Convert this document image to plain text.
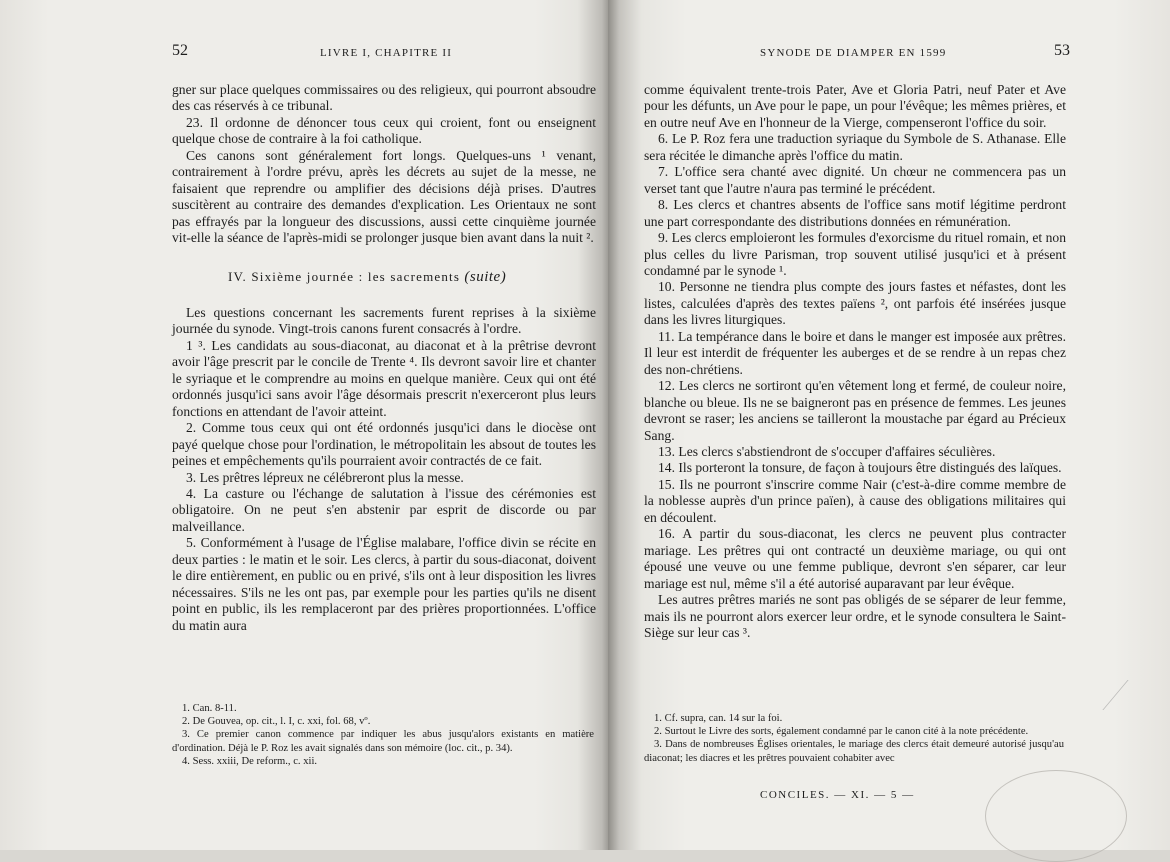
52	LIVRE I, CHAPITRE II

gner sur place quelques commissaires ou des religieux, qui pourront absoudre des cas réservés à ce tribunal.

23. Il ordonne de dénoncer tous ceux qui croient, font ou enseignent quelque chose de contraire à la foi catholique.

Ces canons sont généralement fort longs. Quelques-uns ¹ venant, contrairement à l'ordre prévu, après les décrets au sujet de la messe, ne faisaient que reprendre ou amplifier des décisions déjà prises. D'autres suscitèrent au contraire des demandes d'explication. Les Orientaux ne sont pas effrayés par la longueur des discussions, aussi cette cinquième journée vit-elle la séance de l'après-midi se prolonger jusque bien avant dans la nuit ².

IV. Sixième journée : les sacrements (suite)

Les questions concernant les sacrements furent reprises à la sixième journée du synode. Vingt-trois canons furent consacrés à l'ordre.

1 ³. Les candidats au sous-diaconat, au diaconat et à la prêtrise devront avoir l'âge prescrit par le concile de Trente ⁴. Ils devront savoir lire et chanter le syriaque et le comprendre au moins en quelque manière. Ceux qui ont été ordonnés jusqu'ici sans avoir l'âge désormais prescrit n'exerceront plus leurs fonctions en attendant de l'avoir atteint.

2. Comme tous ceux qui ont été ordonnés jusqu'ici dans le diocèse ont payé quelque chose pour l'ordination, le métropolitain les absout de toutes les peines et empêchements qu'ils pourraient avoir contractés de ce fait.

3. Les prêtres lépreux ne célébreront plus la messe.

4. La casture ou l'échange de salutation à l'issue des cérémonies est obligatoire. On ne peut s'en abstenir par esprit de discorde ou par malveillance.

5. Conformément à l'usage de l'Église malabare, l'office divin se récite en deux parties : le matin et le soir. Les clercs, à partir du sous-diaconat, doivent le dire entièrement, en public ou en privé, s'ils ont à leur disposition les livres nécessaires. S'ils ne les ont pas, par exemple pour les parties qu'ils ne disent point en public, ils les remplaceront par des prières proportionnées. L'office du matin aura

1. Can. 8-11.

2. De Gouvea, op. cit., l. I, c. xxi, fol. 68, vº.

3. Ce premier canon commence par indiquer les abus jusqu'alors existants en matière d'ordination. Déjà le P. Roz les avait signalés dans son mémoire (loc. cit., p. 34).

4. Sess. xxiii, De reform., c. xii.

SYNODE DE DIAMPER EN 1599	53

comme équivalent trente-trois Pater, Ave et Gloria Patri, neuf Pater et Ave pour les défunts, un Ave pour le pape, un pour l'évêque; les mêmes prières, et en outre neuf Ave en l'honneur de la Vierge, compenseront l'office du soir.

6. Le P. Roz fera une traduction syriaque du Symbole de S. Athanase. Elle sera récitée le dimanche après l'office du matin.

7. L'office sera chanté avec dignité. Un chœur ne commencera pas un verset tant que l'autre n'aura pas terminé le précédent.

8. Les clercs et chantres absents de l'office sans motif légitime perdront une part correspondante des distributions données en rémunération.

9. Les clercs emploieront les formules d'exorcisme du rituel romain, et non plus celles du livre Parisman, trop souvent utilisé jusqu'ici et à présent condamné par le synode ¹.

10. Personne ne tiendra plus compte des jours fastes et néfastes, dont les listes, calculées d'après des textes païens ², ont parfois été insérées jusque dans les livres liturgiques.

11. La tempérance dans le boire et dans le manger est imposée aux prêtres. Il leur est interdit de fréquenter les auberges et de se rendre à un repas chez des non-chrétiens.

12. Les clercs ne sortiront qu'en vêtement long et fermé, de couleur noire, blanche ou bleue. Ils ne se baigneront pas en présence de femmes. Les jeunes devront se raser; les anciens se tailleront la moustache par égard au Précieux Sang.

13. Les clercs s'abstiendront de s'occuper d'affaires séculières.

14. Ils porteront la tonsure, de façon à toujours être distingués des laïques.

15. Ils ne pourront s'inscrire comme Nair (c'est-à-dire comme membre de la noblesse auprès d'un prince païen), à cause des obligations militaires qui en découlent.

16. A partir du sous-diaconat, les clercs ne peuvent plus contracter mariage. Les prêtres qui ont contracté un deuxième mariage, ou qui ont épousé une veuve ou une femme publique, devront s'en séparer, car leur mariage est nul, même s'il a été autorisé auparavant par leur évêque.

Les autres prêtres mariés ne sont pas obligés de se séparer de leur femme, mais ils ne pourront alors exercer leur ordre, et le synode consultera le Saint-Siège sur leur cas ³.

1. Cf. supra, can. 14 sur la foi.

2. Surtout le Livre des sorts, également condamné par le canon cité à la note précédente.

3. Dans de nombreuses Églises orientales, le mariage des clercs était demeuré autorisé jusqu'au diaconat; les diacres et les prêtres pouvaient cohabiter avec

CONCILES. — XI. — 5 —
